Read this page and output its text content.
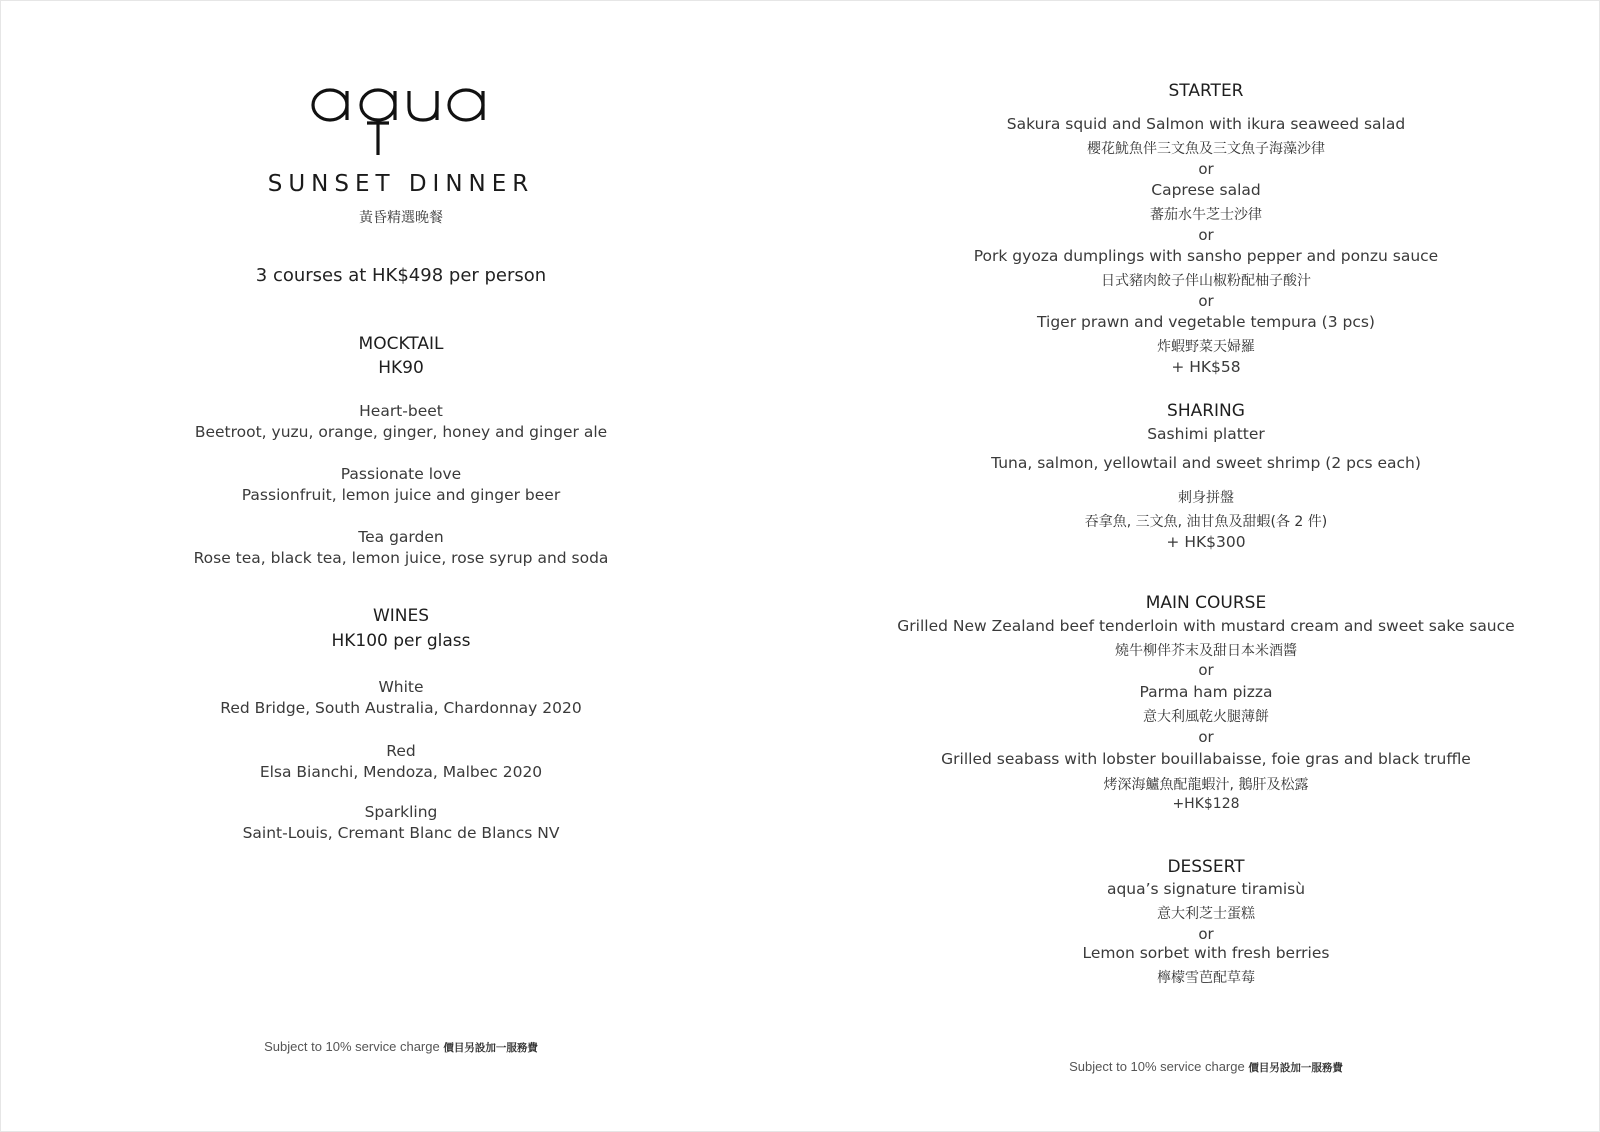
SUNSET DINNER
黃昏精選晚餐
3 courses at HK$498 per person
MOCKTAIL
HK90
Heart-beet
Beetroot, yuzu, orange, ginger, honey and ginger ale
Passionate love
Passionfruit, lemon juice and ginger beer
Tea garden
Rose tea, black tea, lemon juice, rose syrup and soda
WINES
HK100 per glass
White
Red Bridge, South Australia, Chardonnay 2020
Red
Elsa Bianchi, Mendoza, Malbec 2020
Sparkling
Saint-Louis, Cremant Blanc de Blancs NV
Subject to 10% service charge 價目另設加一服務費
STARTER
Sakura squid and Salmon with ikura seaweed salad
櫻花魷魚伴三文魚及三文魚子海藻沙律
or
Caprese salad
蕃茄水牛芝士沙律
or
Pork gyoza dumplings with sansho pepper and ponzu sauce
日式豬肉餃子伴山椒粉配柚子酸汁
or
Tiger prawn and vegetable tempura (3 pcs)
炸蝦野菜天婦羅
+ HK$58
SHARING
Sashimi platter
Tuna, salmon, yellowtail and sweet shrimp (2 pcs each)
刺身拼盤
吞拿魚, 三文魚, 油甘魚及甜蝦(各 2 件)
+ HK$300
MAIN COURSE
Grilled New Zealand beef tenderloin with mustard cream and sweet sake sauce
燒牛柳伴芥末及甜日本米酒醬
or
Parma ham pizza
意大利風乾火腿薄餅
or
Grilled seabass with lobster bouillabaisse, foie gras and black truffle
烤深海鱸魚配龍蝦汁, 鵝肝及松露
+HK$128
DESSERT
aqua’s signature tiramisù
意大利芝士蛋糕
or
Lemon sorbet with fresh berries
檸檬雪芭配草莓
Subject to 10% service charge 價目另設加一服務費
